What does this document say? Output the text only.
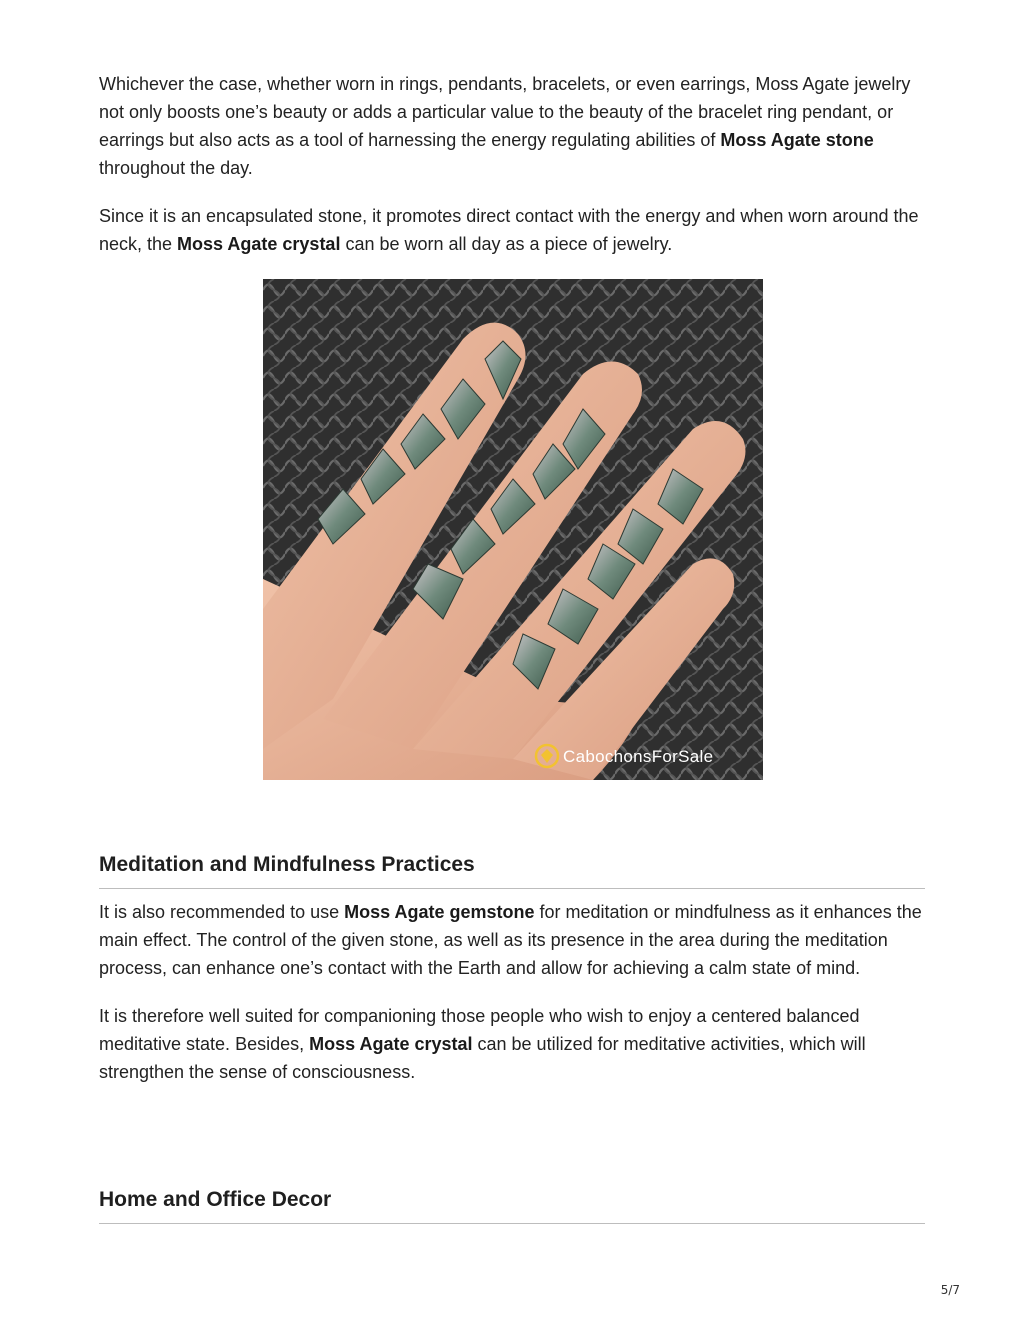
Whichever the case, whether worn in rings, pendants, bracelets, or even earrings, Moss Agate jewelry not only boosts one’s beauty or adds a particular value to the beauty of the bracelet ring pendant, or earrings but also acts as a tool of harnessing the energy regulating abilities of Moss Agate stone throughout the day.

Since it is an encapsulated stone, it promotes direct contact with the energy and when worn around the neck, the Moss Agate crystal can be worn all day as a piece of jewelry.

CabochonsForSale
Meditation and Mindfulness Practices

It is also recommended to use Moss Agate gemstone for meditation or mindfulness as it enhances the main effect. The control of the given stone, as well as its presence in the area during the meditation process, can enhance one’s contact with the Earth and allow for achieving a calm state of mind.

It is therefore well suited for companioning those people who wish to enjoy a centered balanced meditative state. Besides, Moss Agate crystal can be utilized for meditative activities, which will strengthen the sense of consciousness.

Home and Office Decor
5/7
